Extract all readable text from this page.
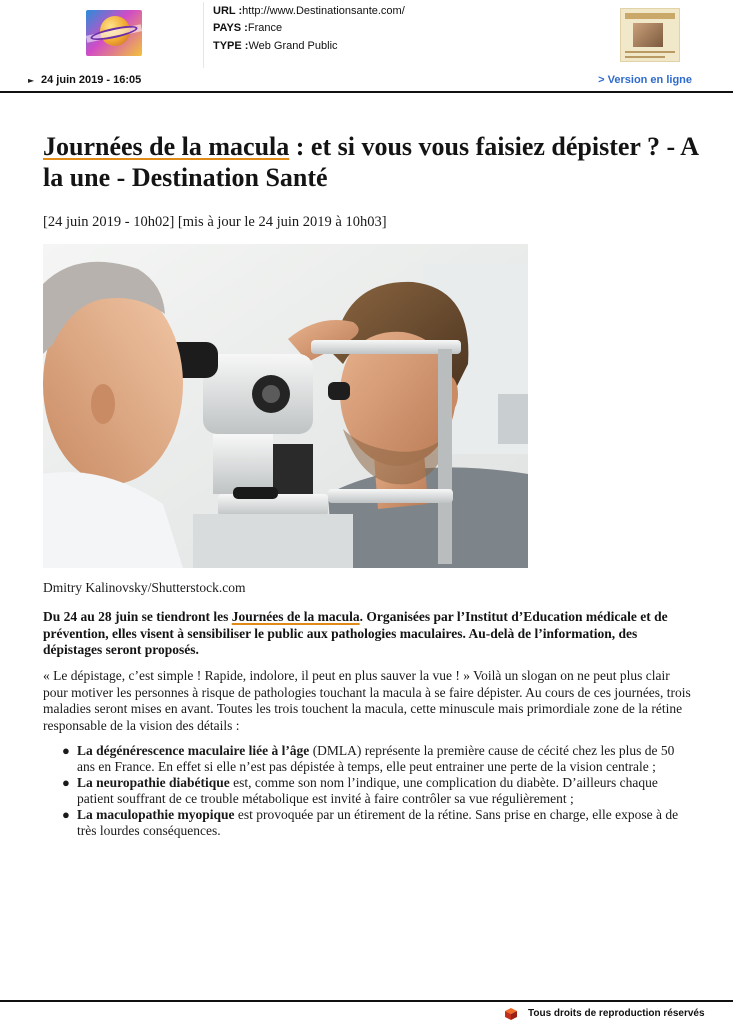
URL :http://www.Destinationsante.com/
PAYS :France
TYPE :Web Grand Public
► 24 juin 2019 - 16:05	> Version en ligne
Journées de la macula : et si vous vous faisiez dépister ? - A la une - Destination Santé
[24 juin 2019 - 10h02] [mis à jour le 24 juin 2019 à 10h03]
Dmitry Kalinovsky/Shutterstock.com

Du 24 au 28 juin se tiendront les Journées de la macula. Organisées par l’Institut d’Education médicale et de prévention, elles visent à sensibiliser le public aux pathologies maculaires. Au-delà de l’information, des dépistages seront proposés.

« Le dépistage, c’est simple ! Rapide, indolore, il peut en plus sauver la vue ! » Voilà un slogan on ne peut plus clair pour motiver les personnes à risque de pathologies touchant la macula à se faire dépister. Au cours de ces journées, trois maladies seront mises en avant. Toutes les trois touchent la macula, cette minuscule mais primordiale zone de la rétine responsable de la vision des détails :

● La dégénérescence maculaire liée à l’âge (DMLA) représente la première cause de cécité chez les plus de 50 ans en France. En effet si elle n’est pas dépistée à temps, elle peut entrainer une perte de la vision centrale ;
● La neuropathie diabétique est, comme son nom l’indique, une complication du diabète. D’ailleurs chaque patient souffrant de ce trouble métabolique est invité à faire contrôler sa vue régulièrement ;
● La maculopathie myopique est provoquée par un étirement de la rétine. Sans prise en charge, elle expose à de très lourdes conséquences.
Tous droits de reproduction réservés
